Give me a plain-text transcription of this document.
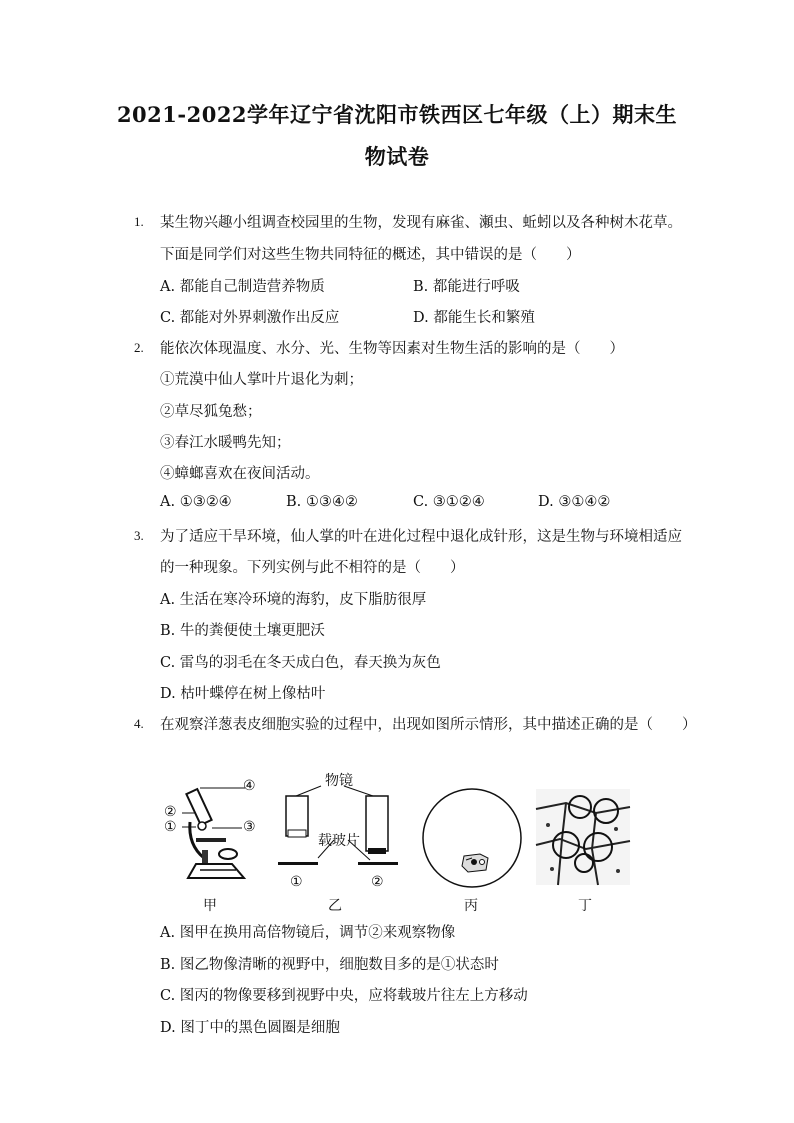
2021-2022学年辽宁省沈阳市铁西区七年级（上）期末生
物试卷
1. 某生物兴趣小组调查校园里的生物，发现有麻雀、瀬虫、蚯蚓以及各种树木花草。
下面是同学们对这些生物共同特征的概述，其中错误的是（　　）
A. 都能自己制造营养物质	B. 都能进行呼吸
C. 都能对外界刺激作出反应	D. 都能生长和繁殖
2. 能依次体现温度、水分、光、生物等因素对生物生活的影响的是（　　）
①荒漠中仙人掌叶片退化为刺；
②草尽狐兔愁；
③春江水暖鸭先知；
④蟑螂喜欢在夜间活动。
A. ①③②④	B. ①③④②	C. ③①②④	D. ③①④②
3. 为了适应干旱环境，仙人掌的叶在进化过程中退化成针形，这是生物与环境相适应
的一种现象。下列实例与此不相符的是（　　）
A. 生活在寒冷环境的海豹，皮下脂肪很厚
B. 牛的粪便使土壤更肥沃
C. 雷鸟的羽毛在冬天成白色，春天换为灰色
D. 枯叶蝶停在树上像枯叶
4. 在观察洋葱表皮细胞实验的过程中，出现如图所示情形，其中描述正确的是（　　）
④
②
①	③
物镜
载玻片
①	②
甲	乙	丙	丁
A. 图甲在换用高倍物镜后，调节②来观察物像
B. 图乙物像清晰的视野中，细胞数目多的是①状态时
C. 图丙的物像要移到视野中央，应将载玻片往左上方移动
D. 图丁中的黑色圆圈是细胞
